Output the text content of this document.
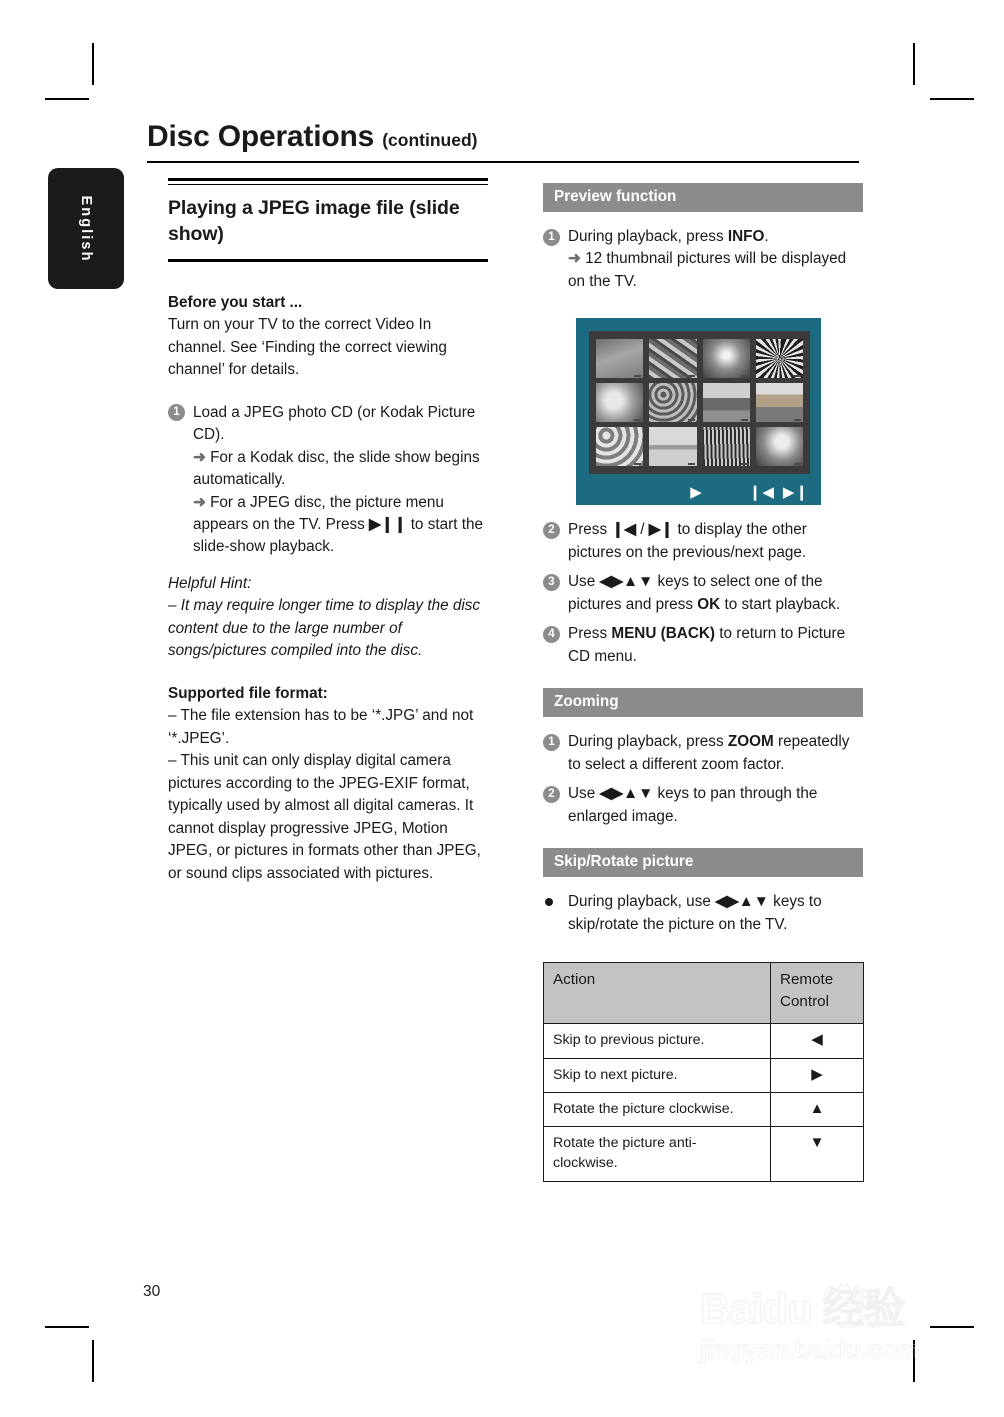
English
Disc Operations (continued)
Playing a JPEG image file (slide show)

Before you start ...

Turn on your TV to the correct Video In channel. See ‘Finding the correct viewing channel’ for details.

1 Load a JPEG photo CD (or Kodak Picture CD).

➜ For a Kodak disc, the slide show begins automatically.

➜ For a JPEG disc, the picture menu appears on the TV. Press ▶❙❙ to start the slide-show playback.

Helpful Hint:

– It may require longer time to display the disc content due to the large number of songs/pictures compiled into the disc.

Supported file format:

– The file extension has to be ‘*.JPG’ and not ‘*.JPEG’.

– This unit can only display digital camera pictures according to the JPEG-EXIF format, typically used by almost all digital cameras. It cannot display progressive JPEG, Motion JPEG, or pictures in formats other than JPEG, or sound clips associated with pictures.

Preview function
1 During playback, press INFO.

➜ 12 thumbnail pictures will be displayed on the TV.

▶	❙◀ ▶❙
2 Press ❙◀ / ▶❙ to display the other pictures on the previous/next page.

3 Use ◀▶▲▼ keys to select one of the pictures and press OK to start playback.

4 Press MENU (BACK) to return to Picture CD menu.

Zooming
1 During playback, press ZOOM repeatedly to select a different zoom factor.

2 Use ◀▶▲▼ keys to pan through the enlarged image.

Skip/Rotate picture

During playback, use ◀▶▲▼ keys to skip/rotate the picture on the TV.

Action	Remote Control
Skip to previous picture.	◀
Skip to next picture.	▶
Rotate the picture clockwise.	▲
Rotate the picture anti-clockwise.	▼
30	Baidu 经验
jingyan.baidu.com
